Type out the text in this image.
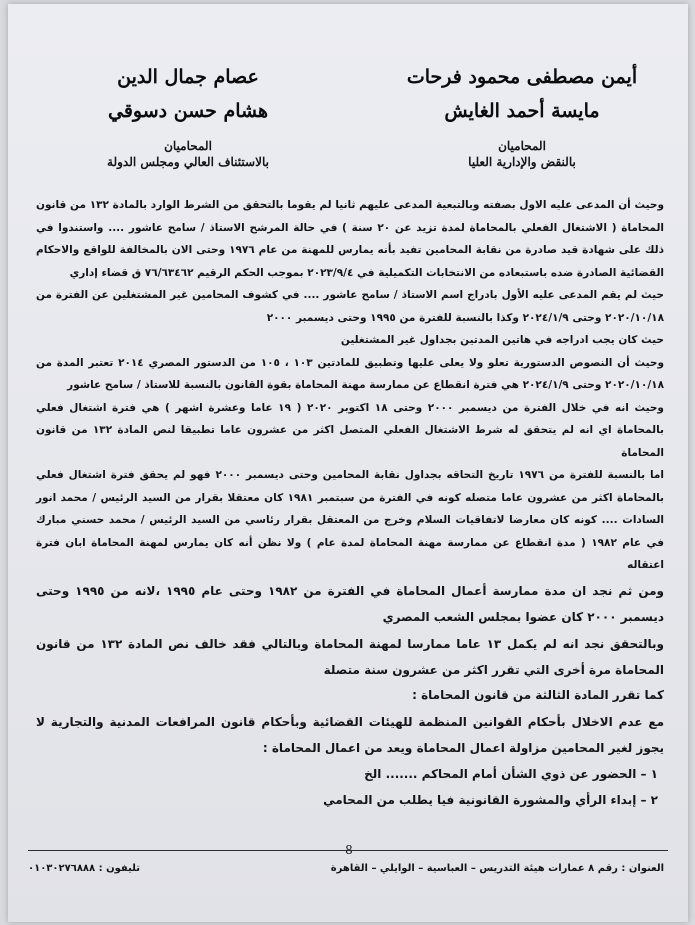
أيمن مصطفى محمود فرحات
مايسة أحمد الغايش
المحاميان
بالنقض والإدارية العليا
عصام جمال الدين
هشام حسن دسوقي
المحاميان
بالاستئناف العالي ومجلس الدولة

وحيث أن المدعى عليه الاول بصفته وبالتبعية المدعى عليهم ثانيا لم يقوما بالتحقق من الشرط الوارد بالمادة ١٣٢ من قانون المحاماة ( الاشتغال الفعلي بالمحاماة لمدة تزيد عن ٢٠ سنة ) في حالة المرشح الاستاذ / سامح عاشور .... واستندوا في ذلك على شهادة قيد صادرة من نقابة المحامين تفيد بأنه يمارس للمهنة من عام ١٩٧٦ وحتى الان بالمخالفة للواقع والاحكام القضائية الصادرة ضده باستبعاده من الانتخابات التكميلية في ٢٠٢٣/٩/٤ بموجب الحكم الرقيم ٧٦/٦٣٤٦٢ ق قضاء إداري

حيث لم يقم المدعى عليه الأول بادراج اسم الاستاذ / سامح عاشور .... في كشوف المحامين غير المشتغلين عن الفترة من ٢٠٢٠/١٠/١٨ وحتى ٢٠٢٤/١/٩ وكذا بالنسبة للفترة من ١٩٩٥ وحتى ديسمبر ٢٠٠٠

حيث كان يجب ادراجه في هاتين المدتين بجداول غير المشتغلين

وحيث أن النصوص الدستورية تعلو ولا يعلى عليها وتطبيق للمادتين ١٠٣ ، ١٠٥ من الدستور المصري ٢٠١٤ تعتبر المدة من ٢٠٢٠/١٠/١٨ وحتى ٢٠٢٤/١/٩ هي فترة انقطاع عن ممارسة مهنة المحاماة بقوة القانون بالنسبة للاستاذ / سامح عاشور

وحيث انه في خلال الفترة من ديسمبر ٢٠٠٠ وحتى ١٨ اكتوبر ٢٠٢٠ ( ١٩ عاما وعشرة اشهر ) هي فترة اشتغال فعلي بالمحاماة اي انه لم يتحقق له شرط الاشتغال الفعلي المتصل اكثر من عشرون عاما تطبيقا لنص المادة ١٣٢ من قانون المحاماة

اما بالنسبة للفترة من ١٩٧٦ تاريخ التحاقه بجداول نقابة المحامين وحتى ديسمبر ٢٠٠٠ فهو لم يحقق فترة اشتغال فعلي بالمحاماة اكثر من عشرون عاما متصله كونه في الفترة من سبتمبر ١٩٨١ كان معتقلا بقرار من السيد الرئيس / محمد انور السادات .... كونه كان معارضا لاتفاقيات السلام وخرج من المعتقل بقرار رئاسي من السيد الرئيس / محمد حسني مبارك في عام ١٩٨٢ ( مدة انقطاع عن ممارسة مهنة المحاماة لمدة عام ) ولا نظن أنه كان يمارس لمهنة المحاماة ابان فترة اعتقاله

ومن ثم نجد ان مدة ممارسة أعمال المحاماة في الفترة من ١٩٨٢ وحتى عام ١٩٩٥ ،لانه من ١٩٩٥ وحتى ديسمبر ٢٠٠٠ كان عضوا بمجلس الشعب المصري

وبالتحقق نجد انه لم يكمل ١٣ عاما ممارسا لمهنة المحاماة وبالتالي فقد خالف نص المادة ١٣٢ من قانون المحاماة مرة أخرى التي تقرر اكثر من عشرون سنة متصلة

كما تقرر المادة الثالثة من قانون المحاماة :

مع عدم الاخلال بأحكام القوانين المنظمة للهيئات القضائية وبأحكام قانون المرافعات المدنية والتجارية لا يجوز لغير المحامين مزاولة اعمال المحاماة ويعد من اعمال المحاماة :

١ – الحضور عن ذوي الشأن أمام المحاكم ....... الخ

٢ – إبداء الرأي والمشورة القانونية فيا يطلب من المحامي

8
العنوان : رقم ٨ عمارات هيئة التدريس – العباسية – الوايلي – القاهرة
تليفون : ٠١٠٣٠٢٧٦٨٨٨
